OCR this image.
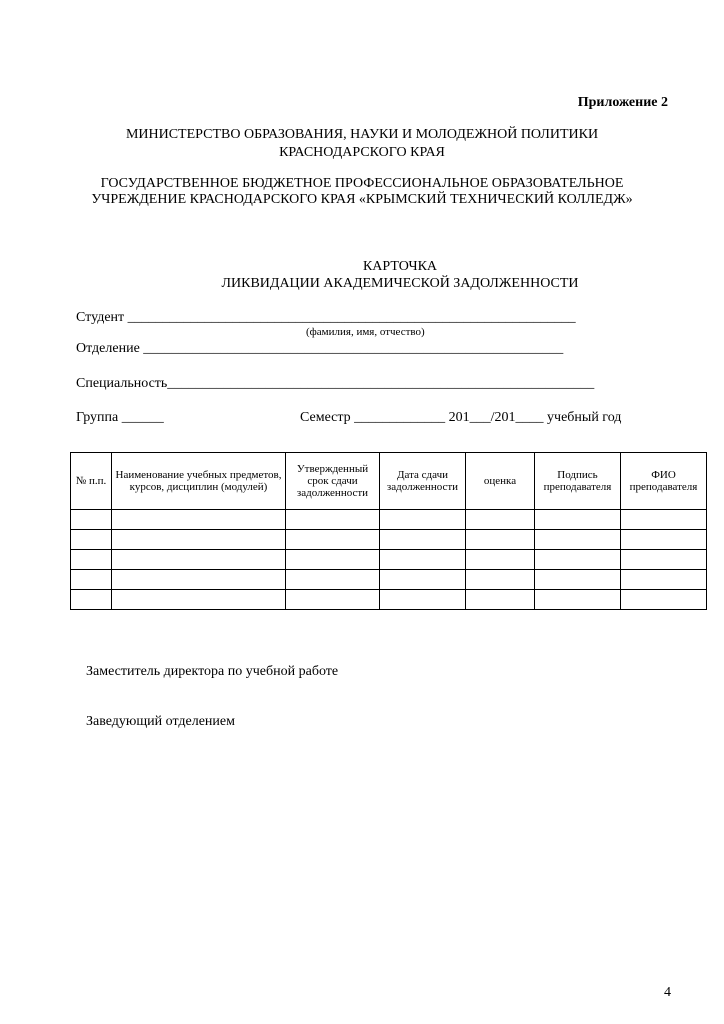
Приложение 2
МИНИСТЕРСТВО ОБРАЗОВАНИЯ, НАУКИ И МОЛОДЕЖНОЙ ПОЛИТИКИ
КРАСНОДАРСКОГО КРАЯ
ГОСУДАРСТВЕННОЕ БЮДЖЕТНОЕ ПРОФЕССИОНАЛЬНОЕ ОБРАЗОВАТЕЛЬНОЕ
УЧРЕЖДЕНИЕ КРАСНОДАРСКОГО КРАЯ «КРЫМСКИЙ ТЕХНИЧЕСКИЙ КОЛЛЕДЖ»
КАРТОЧКА
ЛИКВИДАЦИИ АКАДЕМИЧЕСКОЙ ЗАДОЛЖЕННОСТИ
Студент ________________________________________________________________
(фамилия, имя, отчество)
Отделение ____________________________________________________________
Специальность_____________________________________________________________
Группа ______	Семестр _____________ 201___/201____ учебный год
№ п.п.	Наименование учебных предметов, курсов, дисциплин (модулей)	Утвержденный срок сдачи задолженности	Дата сдачи задолженности	оценка	Подпись преподавателя	ФИО преподавателя

Заместитель директора по учебной работе
Заведующий отделением
4
